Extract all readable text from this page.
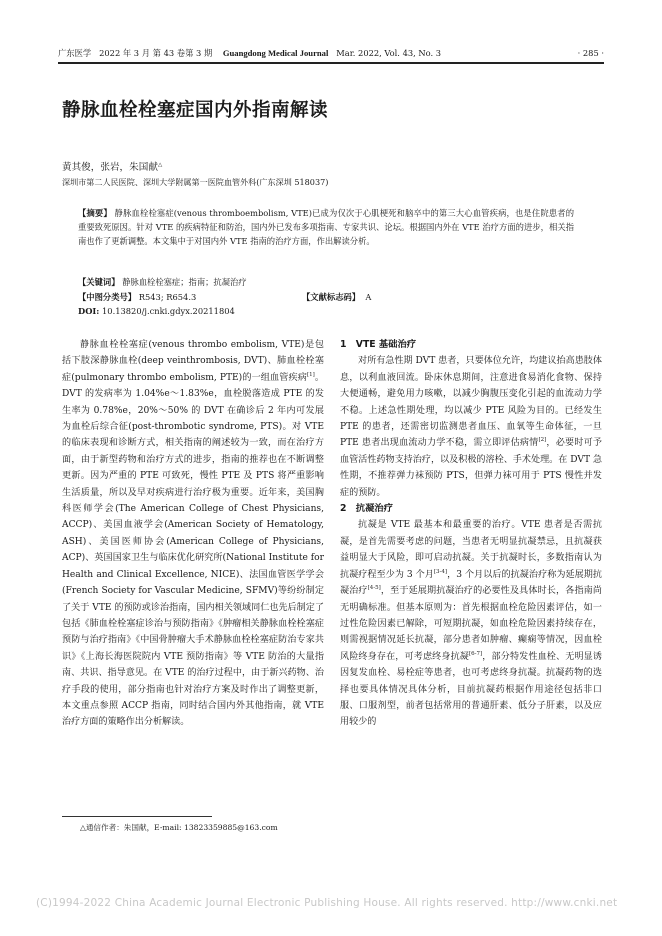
广东医学 2022 年 3 月 第 43 卷第 3 期 Guangdong Medical Journal Mar. 2022, Vol. 43, No. 3	· 285 ·
静脉血栓栓塞症国内外指南解读
黄其俊，张岩，朱国献△
深圳市第二人民医院、深圳大学附属第一医院血管外科(广东深圳 518037)

【摘要】 静脉血栓栓塞症(venous thromboembolism, VTE)已成为仅次于心肌梗死和脑卒中的第三大心血管疾病，也是住院患者的重要致死原因。针对 VTE 的疾病特征和防治，国内外已发布多项指南、专家共识、论坛。根据国内外在 VTE 治疗方面的进步，相关指南也作了更新调整。本文集中于对国内外 VTE 指南的治疗方面，作出解读分析。

【关键词】 静脉血栓栓塞症；指南；抗凝治疗
【中图分类号】 R543; R654.3	【文献标志码】 A
DOI: 10.13820/j.cnki.gdyx.20211804

静脉血栓栓塞症(venous thrombo embolism, VTE)是包括下肢深静脉血栓(deep veinthrombosis, DVT)、肺血栓栓塞症(pulmonary thrombo embolism, PTE)的一组血管疾病[1]。DVT 的发病率为 1.04%e～1.83%e，血栓脱落造成 PTE 的发生率为 0.78%e，20%～50% 的 DVT 在确诊后 2 年内可发展为血栓后综合征(post-thrombotic syndrome, PTS)。对 VTE 的临床表现和诊断方式，相关指南的阐述较为一致，而在治疗方面，由于新型药物和治疗方式的进步，指南的推荐也在不断调整更新。因为严重的 PTE 可致死，慢性 PTE 及 PTS 将严重影响生活质量，所以及早对疾病进行治疗极为重要。近年来，美国胸科医师学会(The American College of Chest Physicians, ACCP)、美国血液学会(American Society of Hematology, ASH)、美国医师协会(American College of Physicians, ACP)、英国国家卫生与临床优化研究所(National Institute for Health and Clinical Excellence, NICE)、法国血管医学学会(French Society for Vascular Medicine, SFMV)等纷纷制定了关于 VTE 的预防或诊治指南，国内相关领域同仁也先后制定了包括《肺血栓栓塞症诊治与预防指南》《肿瘤相关静脉血栓栓塞症预防与治疗指南》《中国骨肿瘤大手术静脉血栓栓塞症防治专家共识》《上海长海医院院内 VTE 预防指南》等 VTE 防治的大量指南、共识、指导意见。在 VTE 的治疗过程中，由于新兴药物、治疗手段的使用，部分指南也针对治疗方案及时作出了调整更新，本文重点参照 ACCP 指南，同时结合国内外其他指南，就 VTE 治疗方面的策略作出分析解读。

1　VTE 基础治疗

对所有急性期 DVT 患者，只要体位允许，均建议抬高患肢体息，以利血液回流。卧床休息期间，注意进食易消化食物、保持大便通畅，避免用力咳嗽，以减少胸腹压变化引起的血流动力学不稳。上述急性期处理，均以减少 PTE 风险为目的。已经发生 PTE 的患者，还需密切监测患者血压、血氧等生命体征，一旦 PTE 患者出现血流动力学不稳，需立即评估病情[2]，必要时可予血管活性药物支持治疗，以及积极的溶栓、手术处理。在 DVT 急性期，不推荐弹力袜预防 PTS，但弹力袜可用于 PTS 慢性并发症的预防。

2　抗凝治疗

抗凝是 VTE 最基本和最重要的治疗。VTE 患者是否需抗凝，是首先需要考虑的问题，当患者无明显抗凝禁忌，且抗凝获益明显大于风险，即可启动抗凝。关于抗凝时长，多数指南认为抗凝疗程至少为 3 个月[3-4]，3 个月以后的抗凝治疗称为延展期抗凝治疗[4-5]，至于延展期抗凝治疗的必要性及具体时长，各指南尚无明确标准。但基本原则为：首先根据血栓危险因素评估，如一过性危险因素已解除，可短期抗凝，如血栓危险因素持续存在，则需视据情况延长抗凝，部分患者如肿瘤、癫痫等情况，因血栓风险终身存在，可考虑终身抗凝[6-7]，部分特发性血栓、无明显诱因复发血栓、易栓症等患者，也可考虑终身抗凝。抗凝药物的选择也要具体情况具体分析，目前抗凝药根据作用途径包括非口服、口服剂型，前者包括常用的普通肝素、低分子肝素，以及应用较少的

△通信作者：朱国献，E-mail: 13823359885@163.com
(C)1994-2022 China Academic Journal Electronic Publishing House. All rights reserved. http://www.cnki.net
